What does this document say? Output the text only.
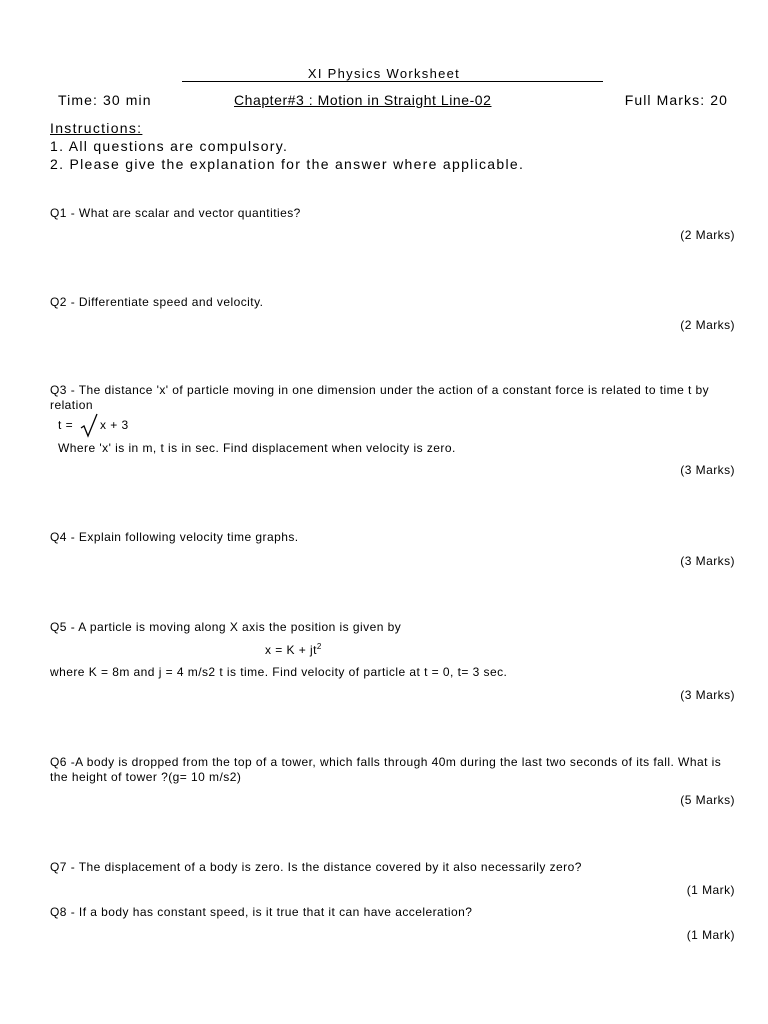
XI Physics Worksheet
Time: 30 min	Chapter#3 : Motion in Straight Line-02	Full Marks: 20
Instructions:
1. All questions are compulsory.
2. Please give the explanation for the answer where applicable.
Q1 - What are scalar and vector quantities?
(2 Marks)
Q2 - Differentiate speed and velocity.
(2 Marks)
Q3 - The distance 'x' of particle moving in one dimension under the action of a constant force is related to time t by relation
t = x + 3
Where 'x' is in m, t is in sec. Find displacement when velocity is zero.
(3 Marks)
Q4 - Explain following velocity time graphs.
(3 Marks)
Q5 - A particle is moving along X axis the position is given by
$x = K + jt^2$
where K = 8m and j = 4 m/s2 t is time. Find velocity of particle at t = 0, t= 3 sec.
(3 Marks)
Q6 -A body is dropped from the top of a tower, which falls through 40m during the last two seconds of its fall. What is the height of tower ?(g= 10 m/s2)
(5 Marks)
Q7 - The displacement of a body is zero. Is the distance covered by it also necessarily zero?
(1 Mark)
Q8 - If a body has constant speed, is it true that it can have acceleration?
(1 Mark)
